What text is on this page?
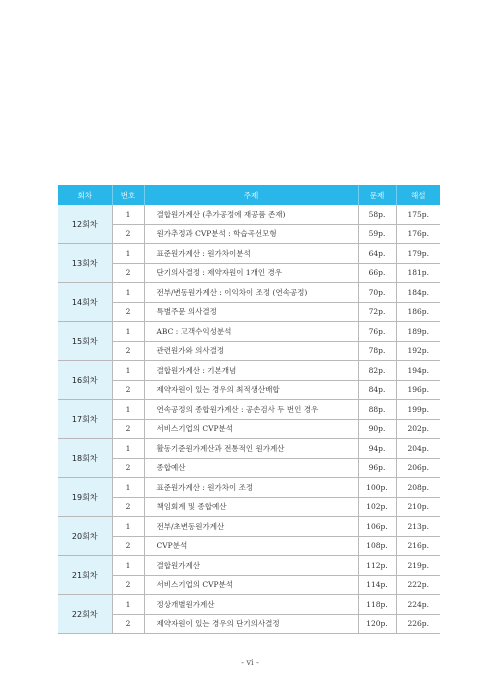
회차	번호	주제	문제	해설
12회차	1	결합원가계산 (추가공정에 재공품 존재)	58p.	175p.
	2	원가추정과 CVP분석 : 학습곡선모형	59p.	176p.
13회차	1	표준원가계산 : 원가차이분석	64p.	179p.
	2	단기의사결정 : 제약자원이 1개인 경우	66p.	181p.
14회차	1	전부/변동원가계산 : 이익차이 조정 (연속공정)	70p.	184p.
	2	특별주문 의사결정	72p.	186p.
15회차	1	ABC : 고객수익성분석	76p.	189p.
	2	관련원가와 의사결정	78p.	192p.
16회차	1	결합원가계산 : 기본개념	82p.	194p.
	2	제약자원이 있는 경우의 최적생산배합	84p.	196p.
17회차	1	연속공정의 종합원가계산 : 공손검사 두 번인 경우	88p.	199p.
	2	서비스기업의 CVP분석	90p.	202p.
18회차	1	활동기준원가계산과 전통적인 원가계산	94p.	204p.
	2	종합예산	96p.	206p.
19회차	1	표준원가계산 : 원가차이 조정	100p.	208p.
	2	책임회계 및 종합예산	102p.	210p.
20회차	1	전부/초변동원가계산	106p.	213p.
	2	CVP분석	108p.	216p.
21회차	1	결합원가계산	112p.	219p.
	2	서비스기업의 CVP분석	114p.	222p.
22회차	1	정상개별원가계산	118p.	224p.
	2	제약자원이 있는 경우의 단기의사결정	120p.	226p.
- vi -
